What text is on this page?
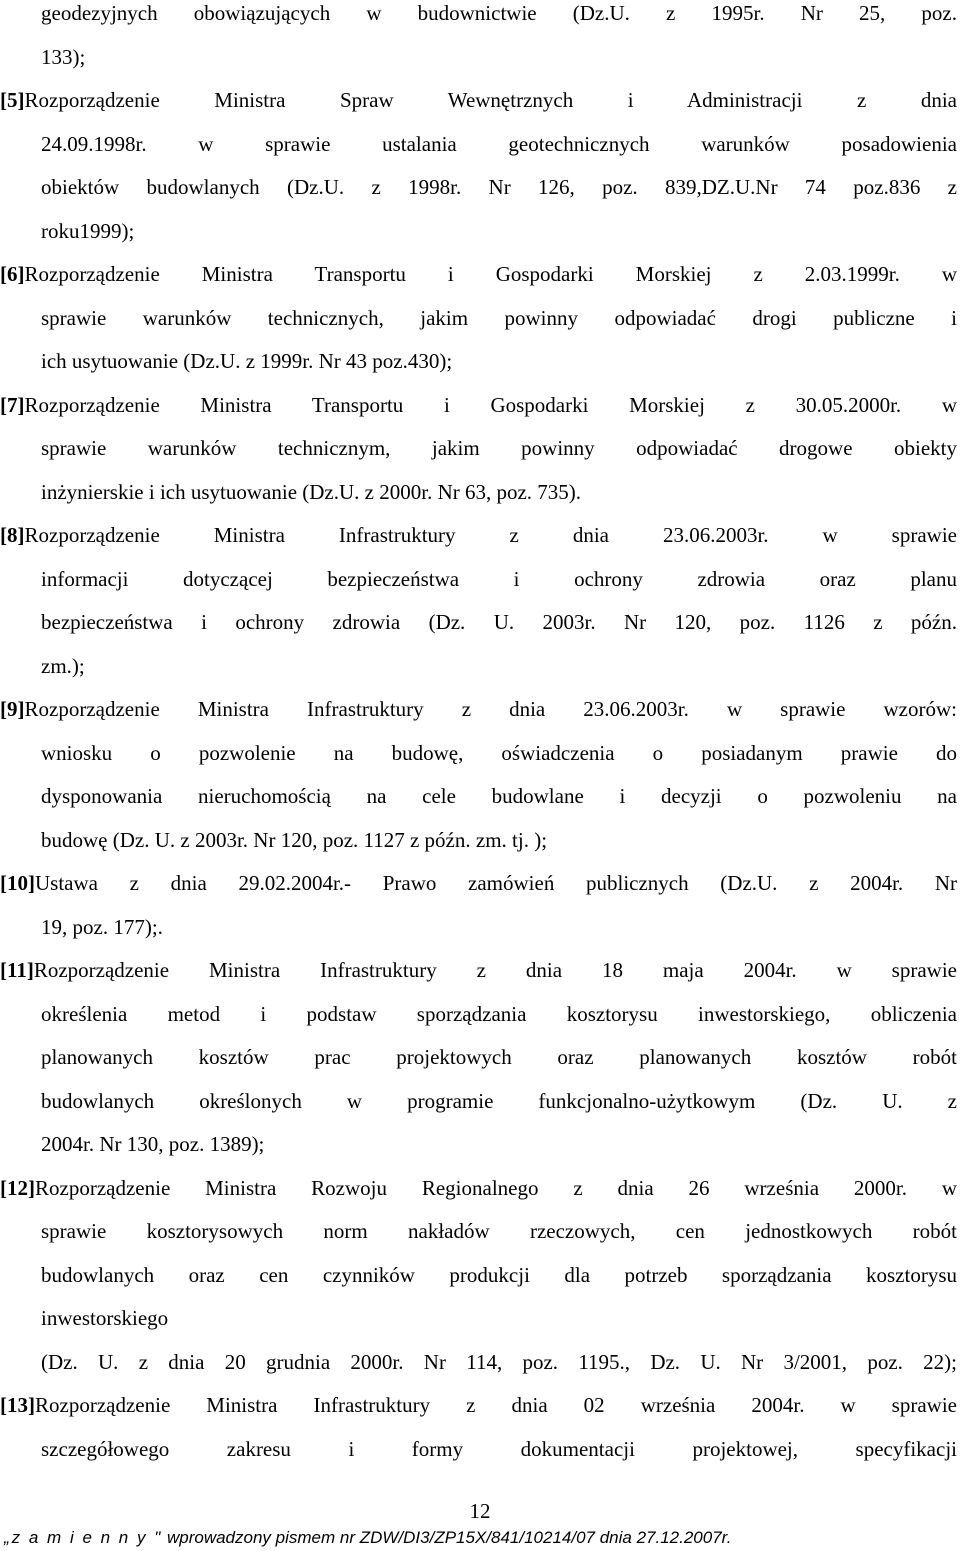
geodezyjnych obowiązujących w budownictwie (Dz.U. z 1995r. Nr 25, poz.
133);
[5]Rozporządzenie Ministra Spraw Wewnętrznych i Administracji z dnia
24.09.1998r. w sprawie ustalania geotechnicznych warunków posadowienia
obiektów budowlanych (Dz.U. z 1998r. Nr 126, poz. 839,DZ.U.Nr 74 poz.836 z
roku1999);
[6]Rozporządzenie Ministra Transportu i Gospodarki Morskiej z 2.03.1999r. w
sprawie warunków technicznych, jakim powinny odpowiadać drogi publiczne i
ich usytuowanie (Dz.U. z 1999r. Nr 43 poz.430);
[7]Rozporządzenie Ministra Transportu i Gospodarki Morskiej z 30.05.2000r. w
sprawie warunków technicznym, jakim powinny odpowiadać drogowe obiekty
inżynierskie i ich usytuowanie (Dz.U. z 2000r. Nr 63, poz. 735).
[8]Rozporządzenie Ministra Infrastruktury z dnia 23.06.2003r. w sprawie
informacji dotyczącej bezpieczeństwa i ochrony zdrowia oraz planu
bezpieczeństwa i ochrony zdrowia (Dz. U. 2003r. Nr 120, poz. 1126 z późn.
zm.);
[9]Rozporządzenie Ministra Infrastruktury z dnia 23.06.2003r. w sprawie wzorów:
wniosku o pozwolenie na budowę, oświadczenia o posiadanym prawie do
dysponowania nieruchomością na cele budowlane i decyzji o pozwoleniu na
budowę (Dz. U. z 2003r. Nr 120, poz. 1127 z późn. zm. tj. );
[10]Ustawa z dnia 29.02.2004r.- Prawo zamówień publicznych (Dz.U. z 2004r. Nr
19, poz. 177);.
[11]Rozporządzenie Ministra Infrastruktury z dnia 18 maja 2004r. w sprawie
określenia metod i podstaw sporządzania kosztorysu inwestorskiego, obliczenia
planowanych kosztów prac projektowych oraz planowanych kosztów robót
budowlanych określonych w programie funkcjonalno-użytkowym (Dz. U. z
2004r. Nr 130, poz. 1389);
[12]Rozporządzenie Ministra Rozwoju Regionalnego z dnia 26 września 2000r. w
sprawie kosztorysowych norm nakładów rzeczowych, cen jednostkowych robót
budowlanych oraz cen czynników produkcji dla potrzeb sporządzania kosztorysu
inwestorskiego
(Dz. U. z dnia 20 grudnia 2000r. Nr 114, poz. 1195., Dz. U. Nr 3/2001, poz. 22);
[13]Rozporządzenie Ministra Infrastruktury z dnia 02 września 2004r. w sprawie
szczegółowego zakresu i formy dokumentacji projektowej, specyfikacji
12
„z a m i e n n y " wprowadzony pismem nr ZDW/DI3/ZP15X/841/10214/07 dnia 27.12.2007r.
